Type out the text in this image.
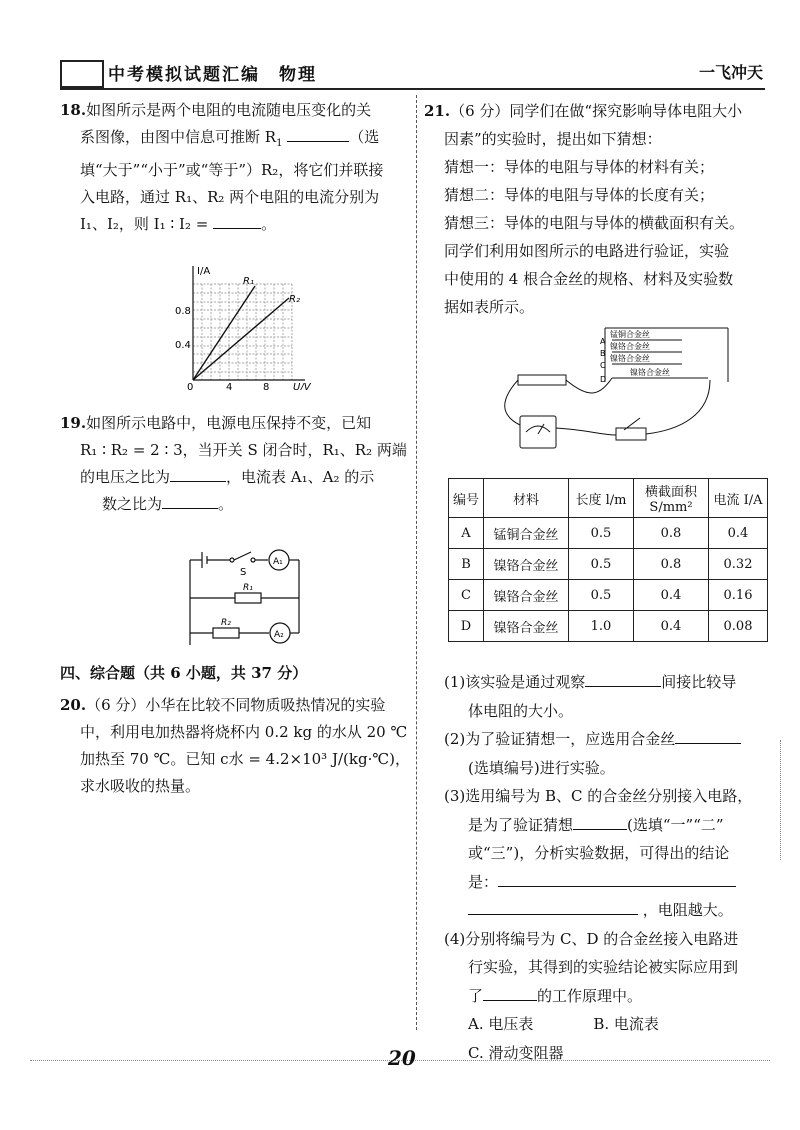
中考模拟试题汇编　物理	一飞冲天
18.如图所示是两个电阻的电流随电压变化的关
系图像，由图中信息可推断 $R_1$	（选
填“大于”“小于”或“等于”）R₂，将它们并联接
入电路，通过 R₁、R₂ 两个电阻的电流分别为
I₁、I₂，则 I₁ ∶ I₂ =	。
I/A
U/V
0.8
0.4
0	4	8
R₁
R₂
19.如图所示电路中，电源电压保持不变，已知
R₁ ∶ R₂ = 2 ∶ 3，当开关 S 闭合时，R₁、R₂ 两端
的电压之比为	，电流表 A₁、A₂ 的示
数之比为	。
S
R₁
R₂
A₁
A₂
四、综合题（共 6 小题，共 37 分）
20.（6 分）小华在比较不同物质吸热情况的实验
中，利用电加热器将烧杯内 0.2 kg 的水从 20 ℃
加热至 70 ℃。已知 c水 = 4.2×10³ J/(kg·℃)，
求水吸收的热量。
21.（6 分）同学们在做“探究影响导体电阻大小
因素”的实验时，提出如下猜想：
猜想一：导体的电阻与导体的材料有关；
猜想二：导体的电阻与导体的长度有关；
猜想三：导体的电阻与导体的横截面积有关。
同学们利用如图所示的电路进行验证，实验
中使用的 4 根合金丝的规格、材料及实验数
据如表所示。
锰铜合金丝
镍铬合金丝
镍铬合金丝
镍铬合金丝
A
B
C
D
编号	材料	长度 l/m	横截面积 S/mm²	电流 I/A
A	锰铜合金丝	0.5	0.8	0.4
B	镍铬合金丝	0.5	0.8	0.32
C	镍铬合金丝	0.5	0.4	0.16
D	镍铬合金丝	1.0	0.4	0.08
(1)该实验是通过观察	间接比较导
体电阻的大小。
(2)为了验证猜想一，应选用合金丝
(选填编号)进行实验。
(3)选用编号为 B、C 的合金丝分别接入电路，
是为了验证猜想	(选填“一”“二”
或“三”)，分析实验数据，可得出的结论
是：
，电阻越大。
(4)分别将编号为 C、D 的合金丝接入电路进
行实验，其得到的实验结论被实际应用到
了	的工作原理中。
A. 电压表	B. 电流表
C. 滑动变阻器
20
